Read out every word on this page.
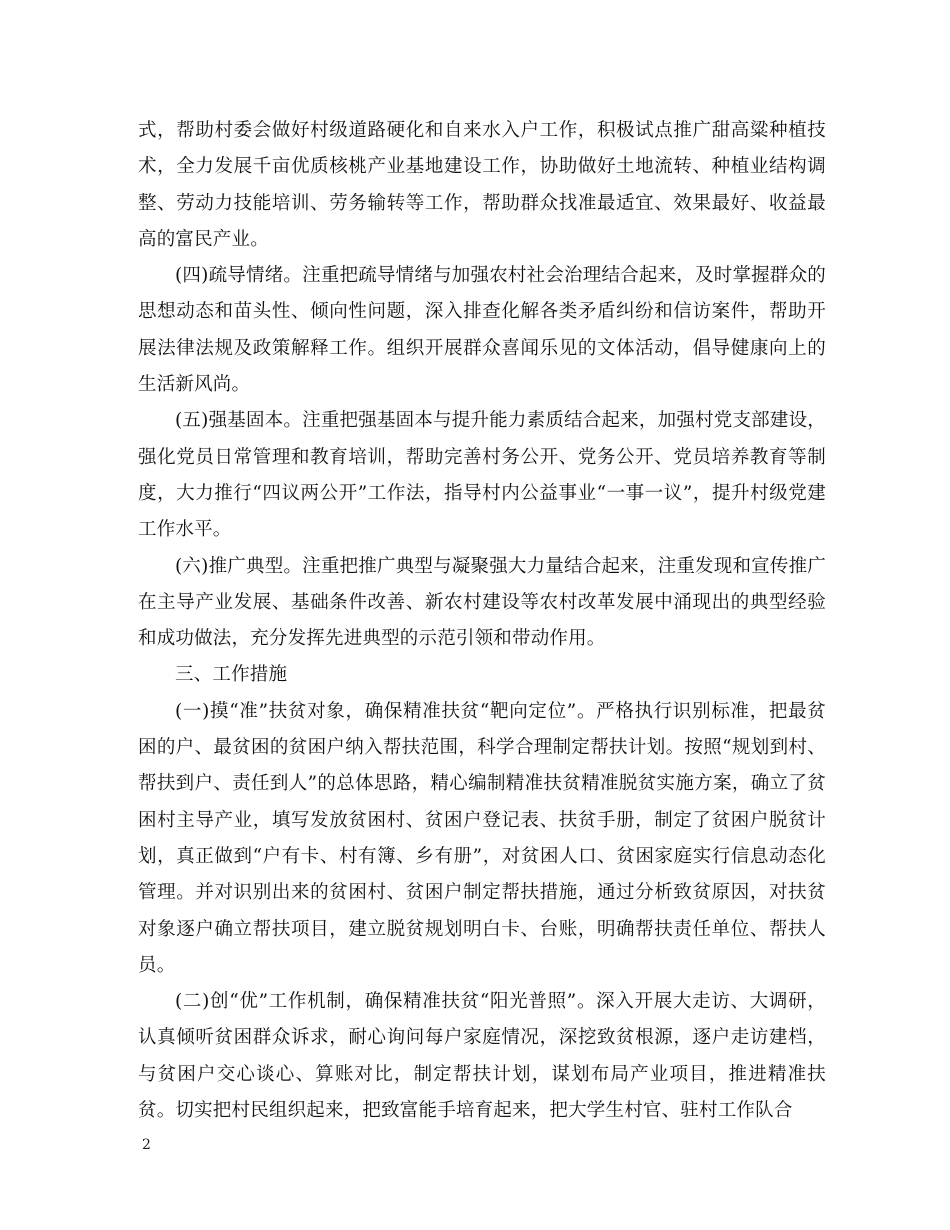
式，帮助村委会做好村级道路硬化和自来水入户工作，积极试点推广甜高粱种植技术，全力发展千亩优质核桃产业基地建设工作，协助做好土地流转、种植业结构调整、劳动力技能培训、劳务输转等工作，帮助群众找准最适宜、效果最好、收益最高的富民产业。

(四)疏导情绪。注重把疏导情绪与加强农村社会治理结合起来，及时掌握群众的思想动态和苗头性、倾向性问题，深入排查化解各类矛盾纠纷和信访案件，帮助开展法律法规及政策解释工作。组织开展群众喜闻乐见的文体活动，倡导健康向上的生活新风尚。

(五)强基固本。注重把强基固本与提升能力素质结合起来，加强村党支部建设，强化党员日常管理和教育培训，帮助完善村务公开、党务公开、党员培养教育等制度，大力推行“四议两公开”工作法，指导村内公益事业“一事一议”，提升村级党建工作水平。

(六)推广典型。注重把推广典型与凝聚强大力量结合起来，注重发现和宣传推广在主导产业发展、基础条件改善、新农村建设等农村改革发展中涌现出的典型经验和成功做法，充分发挥先进典型的示范引领和带动作用。

三、工作措施

(一)摸“准”扶贫对象，确保精准扶贫“靶向定位”。严格执行识别标准，把最贫困的户、最贫困的贫困户纳入帮扶范围，科学合理制定帮扶计划。按照“规划到村、帮扶到户、责任到人”的总体思路，精心编制精准扶贫精准脱贫实施方案，确立了贫困村主导产业，填写发放贫困村、贫困户登记表、扶贫手册，制定了贫困户脱贫计划，真正做到“户有卡、村有簿、乡有册”，对贫困人口、贫困家庭实行信息动态化管理。并对识别出来的贫困村、贫困户制定帮扶措施，通过分析致贫原因，对扶贫对象逐户确立帮扶项目，建立脱贫规划明白卡、台账，明确帮扶责任单位、帮扶人员。

(二)创“优”工作机制，确保精准扶贫“阳光普照”。深入开展大走访、大调研，认真倾听贫困群众诉求，耐心询问每户家庭情况，深挖致贫根源，逐户走访建档，与贫困户交心谈心、算账对比，制定帮扶计划，谋划布局产业项目，推进精准扶贫。切实把村民组织起来，把致富能手培育起来，把大学生村官、驻村工作队合

2
